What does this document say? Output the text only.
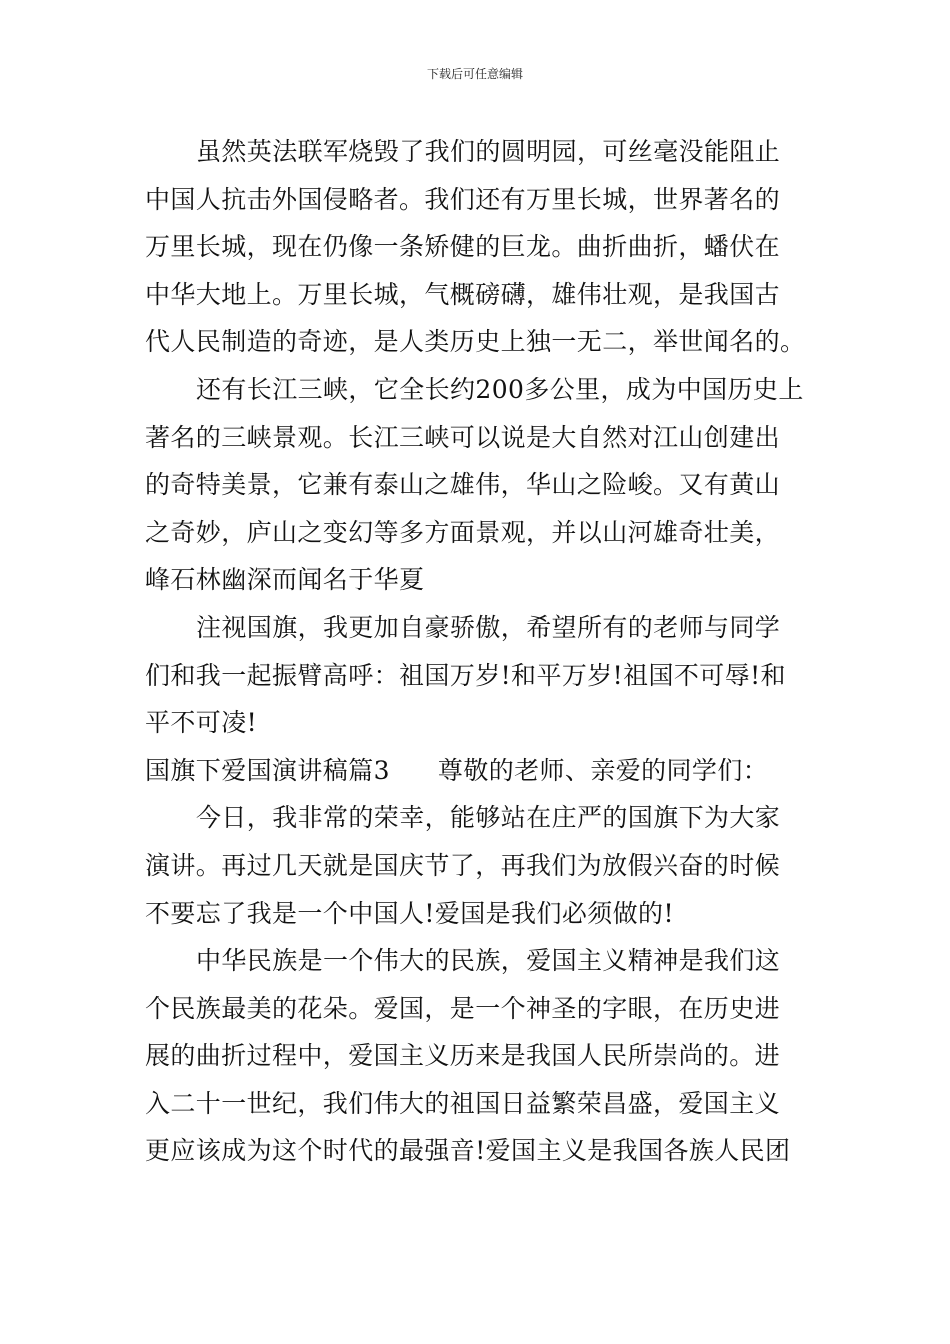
下载后可任意编辑
虽然英法联军烧毁了我们的圆明园，可丝毫没能阻止
中国人抗击外国侵略者。我们还有万里长城，世界著名的
万里长城，现在仍像一条矫健的巨龙。曲折曲折，蟠伏在
中华大地上。万里长城，气概磅礴，雄伟壮观，是我国古
代人民制造的奇迹，是人类历史上独一无二，举世闻名的。
还有长江三峡，它全长约200多公里，成为中国历史上
著名的三峡景观。长江三峡可以说是大自然对江山创建出
的奇特美景，它兼有泰山之雄伟，华山之险峻。又有黄山
之奇妙，庐山之变幻等多方面景观，并以山河雄奇壮美，
峰石林幽深而闻名于华夏
注视国旗，我更加自豪骄傲，希望所有的老师与同学
们和我一起振臂高呼：祖国万岁!和平万岁!祖国不可辱!和
平不可凌!
国旗下爱国演讲稿篇3 尊敬的老师、亲爱的同学们：
今日，我非常的荣幸，能够站在庄严的国旗下为大家
演讲。再过几天就是国庆节了，再我们为放假兴奋的时候
不要忘了我是一个中国人!爱国是我们必须做的!
中华民族是一个伟大的民族，爱国主义精神是我们这
个民族最美的花朵。爱国，是一个神圣的字眼，在历史进
展的曲折过程中，爱国主义历来是我国人民所崇尚的。进
入二十一世纪，我们伟大的祖国日益繁荣昌盛，爱国主义
更应该成为这个时代的最强音!爱国主义是我国各族人民团
